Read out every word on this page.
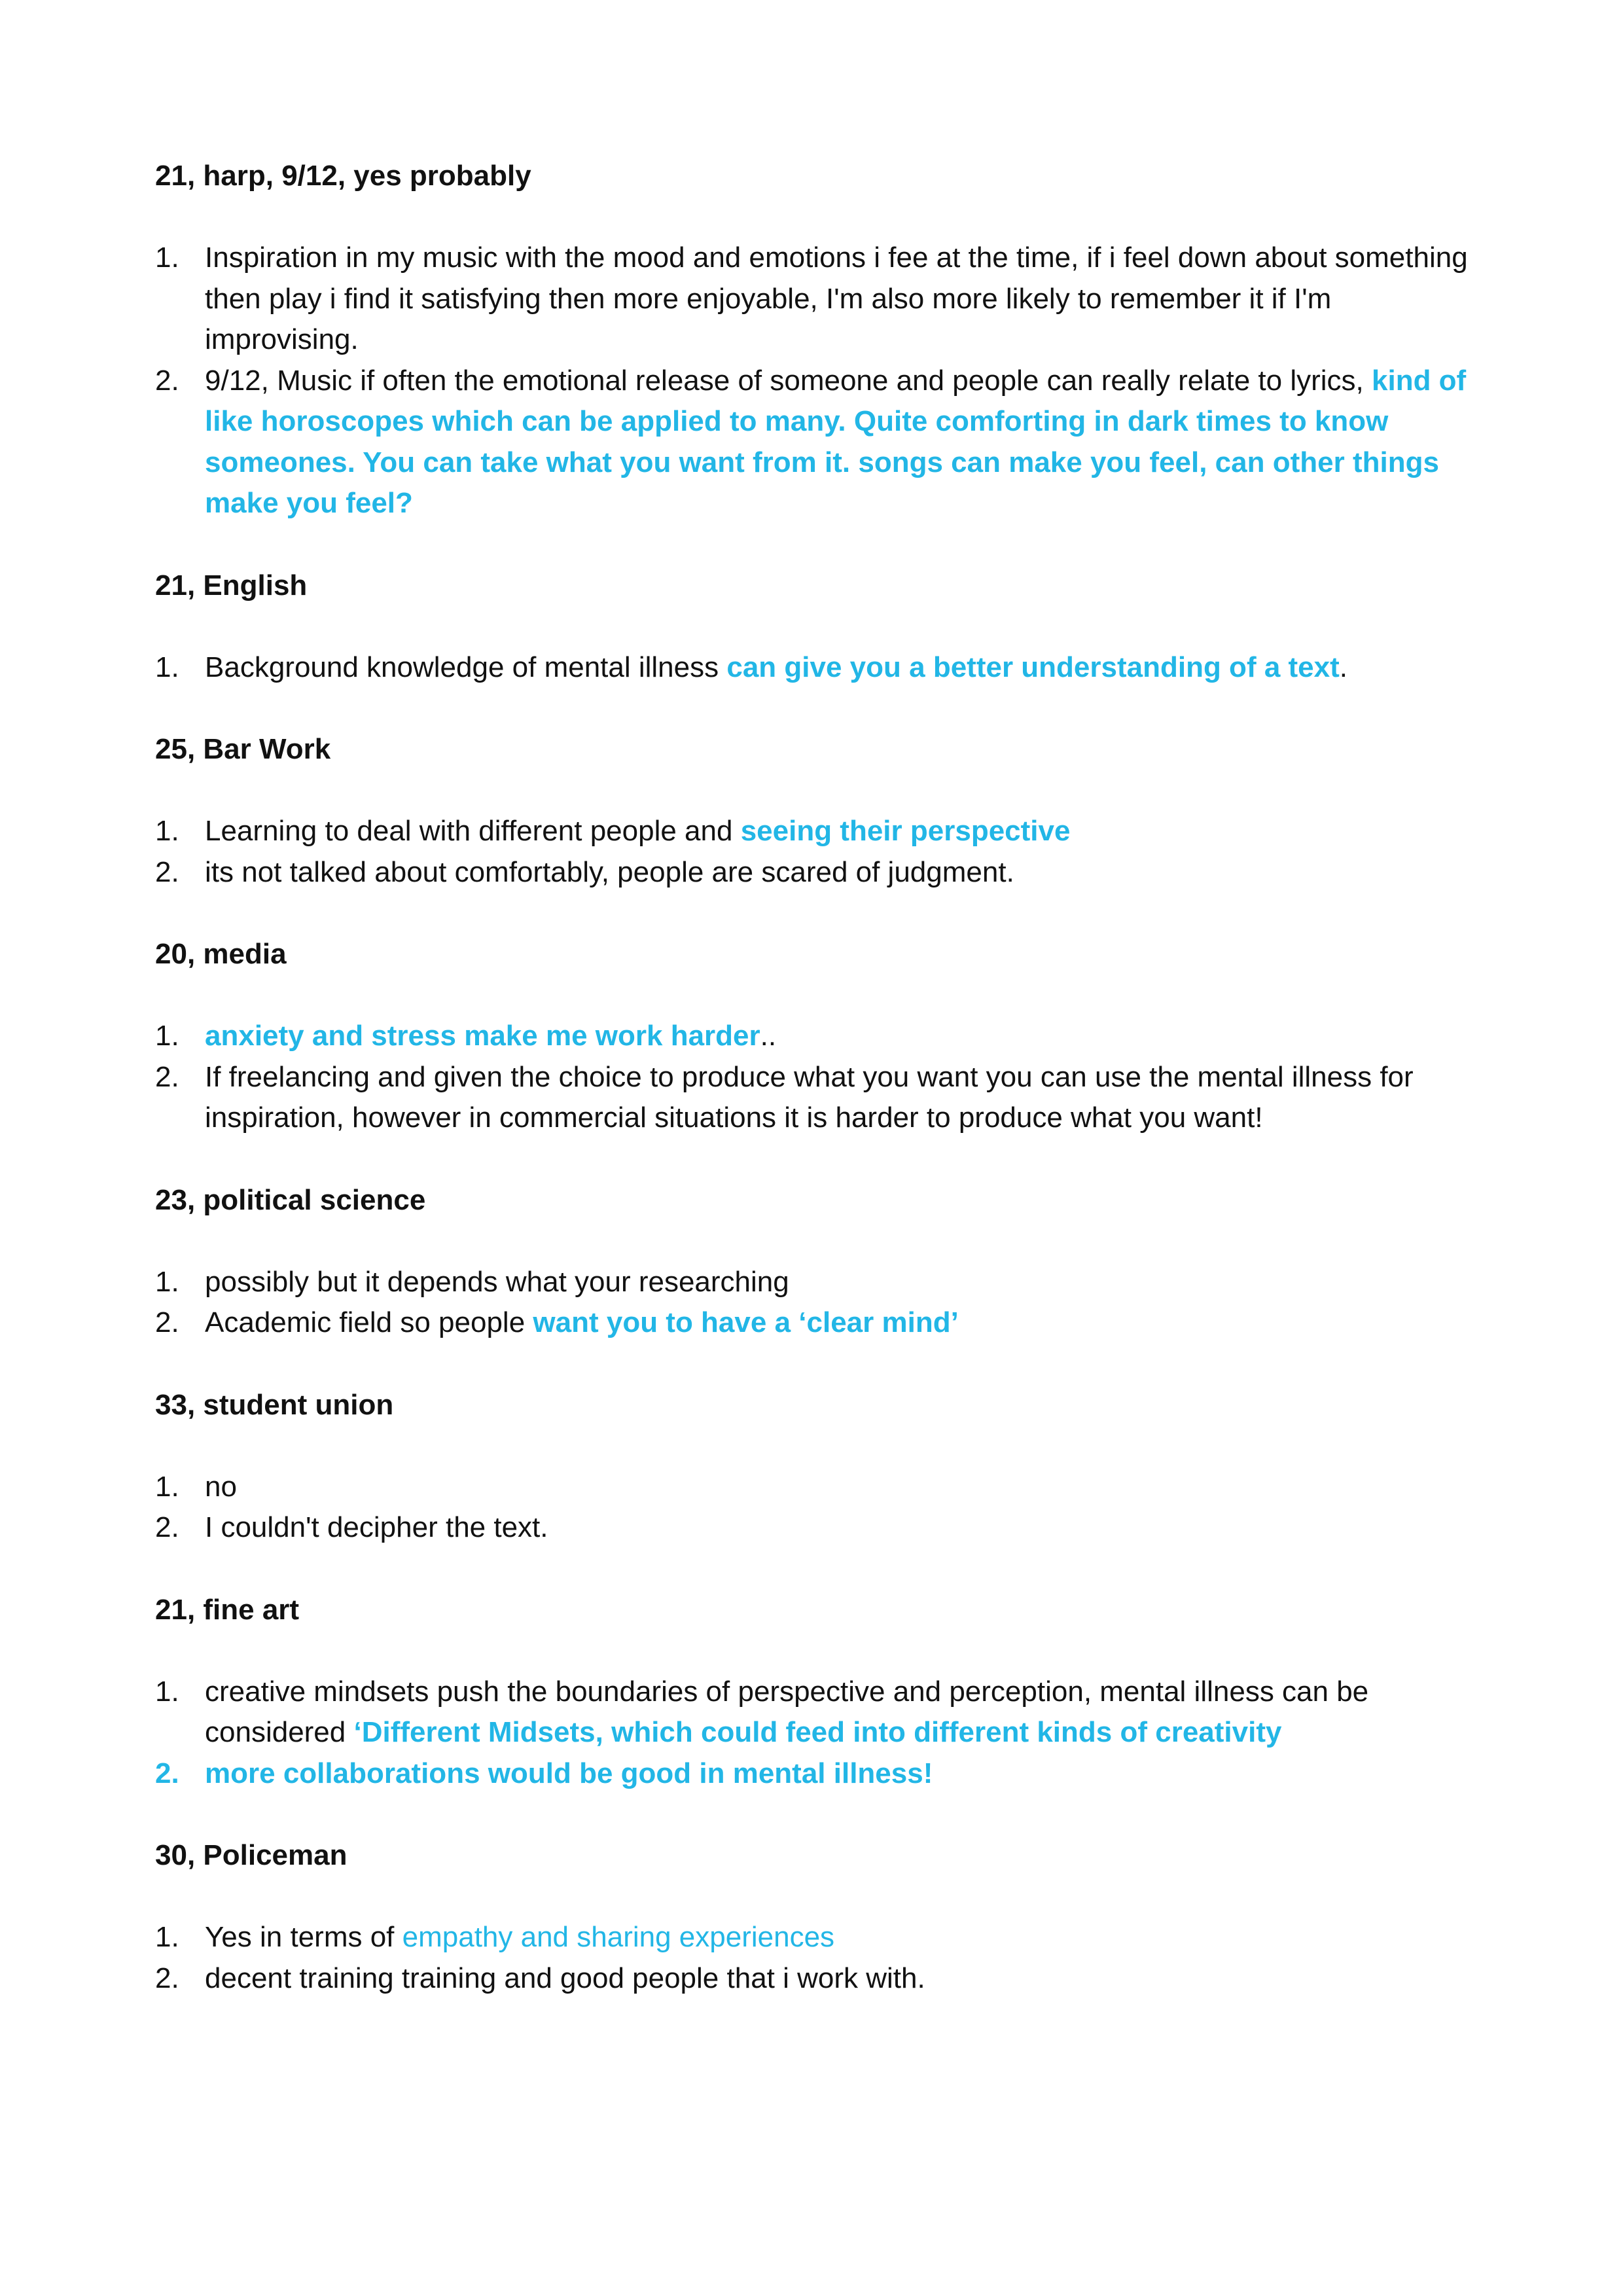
21, harp, 9/12, yes probably
1. Inspiration in my music with the mood and emotions i fee at the time, if i feel down about something then play i find it satisfying then more enjoyable, I'm also more likely to remember it if I'm improvising.
2. 9/12, Music if often the emotional release of someone and people can really relate to lyrics, kind of like horoscopes which can be applied to many. Quite comforting in dark times to know someones. You can take what you want from it. songs can make you feel, can other things make you feel?
21, English
1. Background knowledge of mental illness can give you a better understanding of a text.
25, Bar Work
1. Learning to deal with different people and seeing their perspective
2. its not talked about comfortably, people are scared of judgment.
20, media
1. anxiety and stress make me work harder..
2. If freelancing and given the choice to produce what you want you can use the mental illness for inspiration, however in commercial situations it is harder to produce what you want!
23, political science
1. possibly but it depends what your researching
2. Academic field so people want you to have a ‘clear mind’
33, student union
1. no
2. I couldn't decipher the text.
21, fine art
1. creative mindsets push the boundaries of perspective and perception, mental illness can be considered ‘Different Midsets, which could feed into different kinds of creativity
2. more collaborations would be good in mental illness!
30, Policeman
1. Yes in terms of empathy and sharing experiences
2. decent training training and good people that i work with.
